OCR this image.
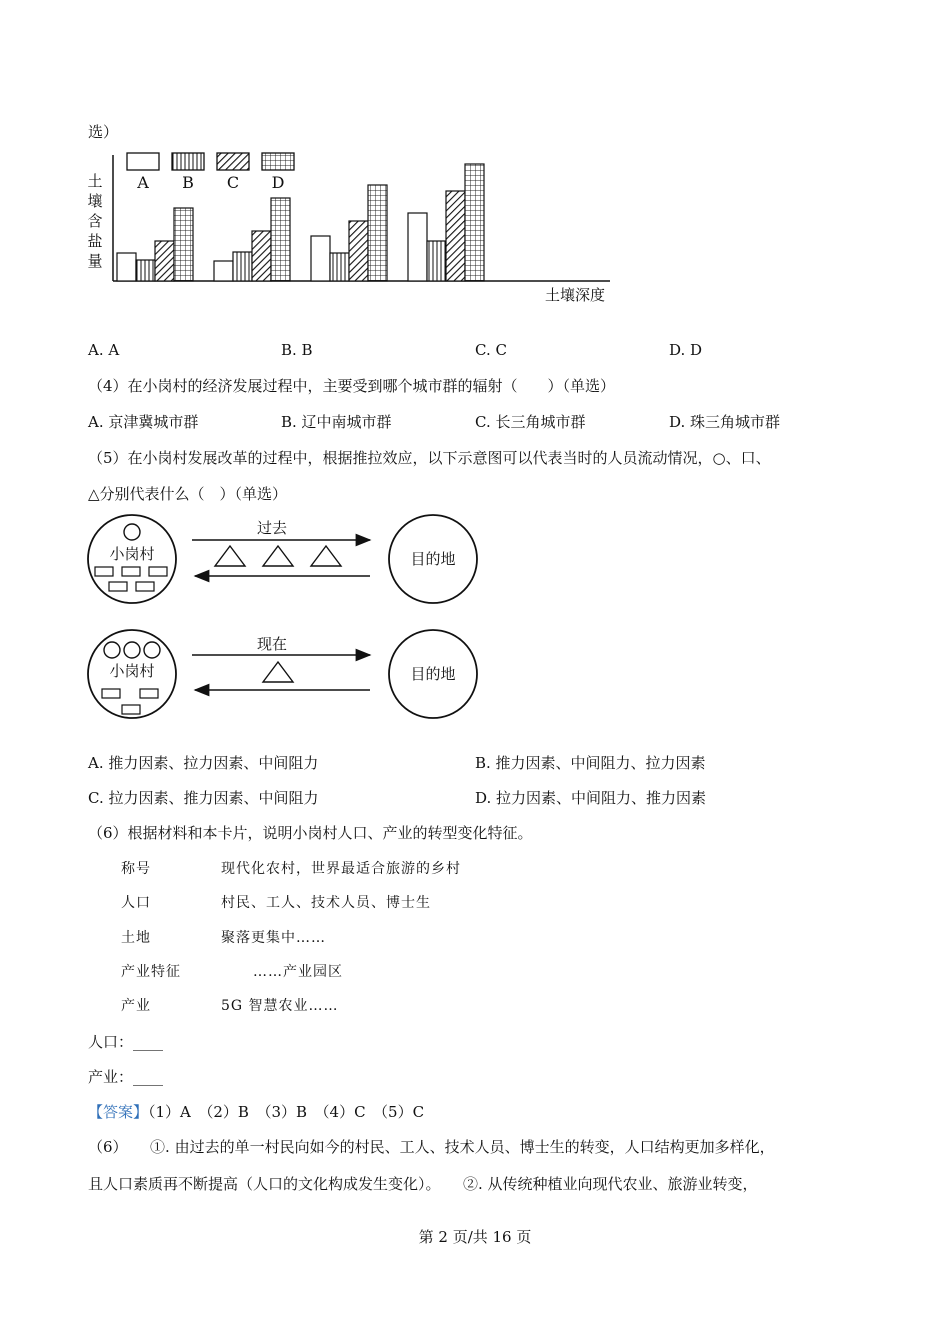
选）
A B C D
土
壤
含
盐
量
土壤深度
A. A	B. B	C. C	D. D
（4）在小岗村的经济发展过程中，主要受到哪个城市群的辐射（　　）（单选）
A. 京津冀城市群	B. 辽中南城市群	C. 长三角城市群	D. 珠三角城市群
（5）在小岗村发展改革的过程中，根据推拉效应，以下示意图可以代表当时的人员流动情况，○、口、
△分别代表什么（　）（单选）
小岗村
过去
目的地
小岗村
现在
目的地
A. 推力因素、拉力因素、中间阻力	B. 推力因素、中间阻力、拉力因素
C. 拉力因素、推力因素、中间阻力	D. 拉力因素、中间阻力、推力因素
（6）根据材料和本卡片，说明小岗村人口、产业的转型变化特征。
称号	现代化农村，世界最适合旅游的乡村
人口	村民、工人、技术人员、博士生
土地	聚落更集中……
产业特征	……产业园区
产业	5G 智慧农业……
人口：____
产业：____
【答案】（1）A　（2）B　（3）B　（4）C　（5）C
（6）　　①. 由过去的单一村民向如今的村民、工人、技术人员、博士生的转变，人口结构更加多样化，
且人口素质再不断提高（人口的文化构成发生变化）。　　②. 从传统种植业向现代农业、旅游业转变，
第 2 页/共 16 页
